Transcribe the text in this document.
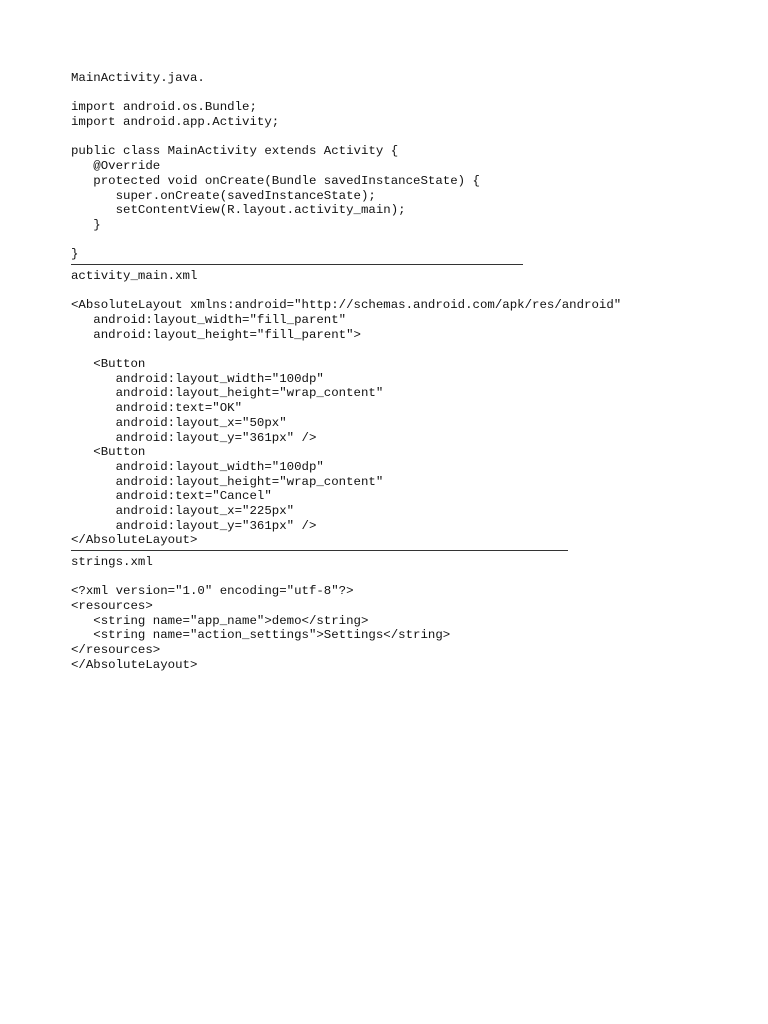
MainActivity.java.
import android.os.Bundle;
import android.app.Activity;
public class MainActivity extends Activity {
@Override
protected void onCreate(Bundle savedInstanceState) {
super.onCreate(savedInstanceState);
setContentView(R.layout.activity_main);
}
}
activity_main.xml
<AbsoluteLayout xmlns:android="http://schemas.android.com/apk/res/android"
android:layout_width="fill_parent"
android:layout_height="fill_parent">
<Button
android:layout_width="100dp"
android:layout_height="wrap_content"
android:text="OK"
android:layout_x="50px"
android:layout_y="361px" />
<Button
android:layout_width="100dp"
android:layout_height="wrap_content"
android:text="Cancel"
android:layout_x="225px"
android:layout_y="361px" />
</AbsoluteLayout>
strings.xml
<?xml version="1.0" encoding="utf-8"?>
<resources>
<string name="app_name">demo</string>
<string name="action_settings">Settings</string>
</resources>
</AbsoluteLayout>
